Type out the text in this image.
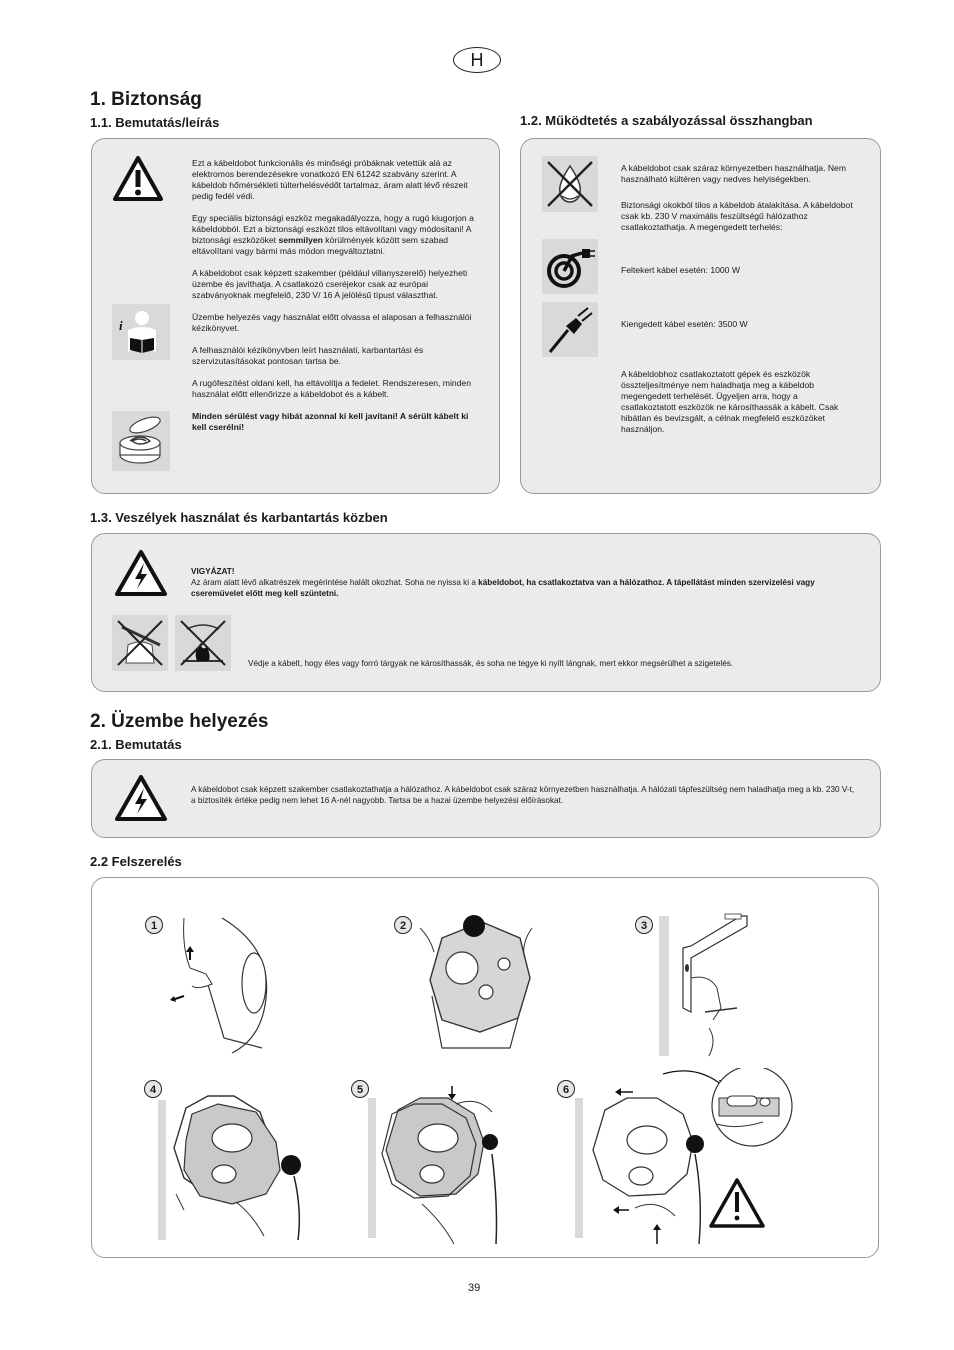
H
1. Biztonság
1.1. Bemutatás/leírás	1.2. Működtetés a szabályozással összhangban
i

Ezt a kábeldobot funkcionális és minőségi próbáknak vetettük alá az elektromos berendezésekre vonatkozó EN 61242 szabvány szerint. A kábeldob hőmérsékleti túlterhelésvédőt tartalmaz, áram alatt lévő részeit pedig fedél védi.

Egy speciális biztonsági eszköz megakadályozza, hogy a rugó kiugorjon a kábeldobból. Ezt a biztonsági eszközt tilos eltávolítani vagy módosítani! A biztonsági eszközöket semmilyen körülmények között sem szabad eltávolítani vagy bármi más módon megváltoztatni.

A kábeldobot csak képzett szakember (például villanyszerelő) helyezheti üzembe és javíthatja. A csatlakozó cseréjekor csak az európai szabványoknak megfelelő, 230 V/ 16 A jelölésű típust választhat.

Üzembe helyezés vagy használat előtt olvassa el alaposan a felhasználói kézikönyvet.

A felhasználói kézikönyvben leírt használati, karbantartási és szervizutasításokat pontosan tartsa be.

A rugófeszítést oldani kell, ha eltávolítja a fedelet. Rendszeresen, minden használat előtt ellenőrizze a kábeldobot és a kábelt.

Minden sérülést vagy hibát azonnal ki kell javítani! A sérült kábelt ki kell cserélni!

A kábeldobot csak száraz környezetben használhatja. Nem használható kültéren vagy nedves helyiségekben.
Biztonsági okokból tilos a kábeldob átalakítása. A kábeldobot csak kb. 230 V maximális feszültségű hálózathoz csatlakoztathatja. A megengedett terhelés:
Feltekert kábel esetén: 1000 W
Kiengedett kábel esetén: 3500 W
A kábeldobhoz csatlakoztatott gépek és eszközök összteljesítménye nem haladhatja meg a kábeldob megengedett terhelését. Ügyeljen arra, hogy a csatlakoztatott eszközök ne károsíthassák a kábelt. Csak hibátlan és bevizsgált, a célnak megfelelő eszközöket használjon.
1.3. Veszélyek használat és karbantartás közben
VIGYÁZAT!
Az áram alatt lévő alkatrészek megérintése halált okozhat. Soha ne nyissa ki a kábeldobot, ha csatlakoztatva van a hálózathoz. A tápellátást minden szervizelési vagy cseremüvelet előtt meg kell szüntetni.
Védje a kábelt, hogy éles vagy forró tárgyak ne károsíthassák, és soha ne tegye ki nyílt lángnak, mert ekkor megsérülhet a szigetelés.
2. Üzembe helyezés
2.1. Bemutatás
A kábeldobot csak képzett szakember csatlakoztathatja a hálózathoz. A kábeldobot csak száraz környezetben használhatja. A hálózati tápfeszültség nem haladhatja meg a kb. 230 V-t, a biztosíték értéke pedig nem lehet 16 A-nél nagyobb. Tartsa be a hazai üzembe helyezési előírásokat.
2.2 Felszerelés
1	2	3
4	5	6
39
